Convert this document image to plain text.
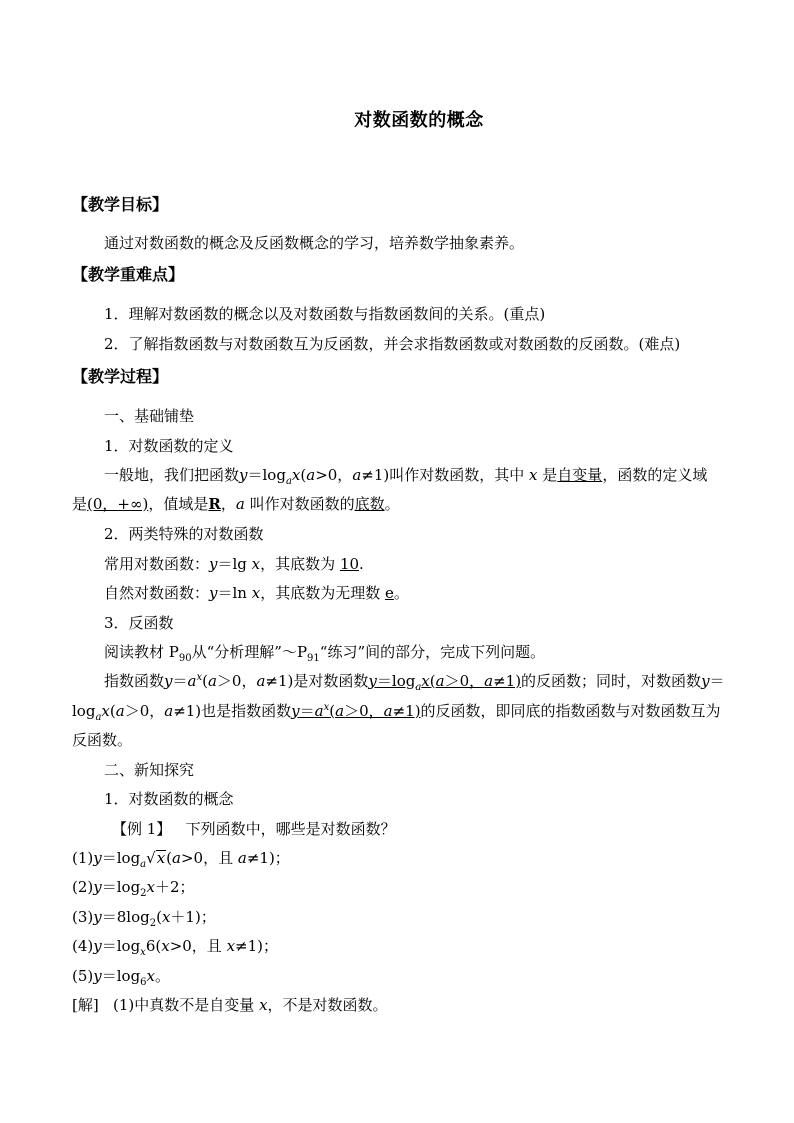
对数函数的概念
【教学目标】
通过对数函数的概念及反函数概念的学习，培养数学抽象素养。
【教学重难点】
1．理解对数函数的概念以及对数函数与指数函数间的关系。(重点)
2．了解指数函数与对数函数互为反函数，并会求指数函数或对数函数的反函数。(难点)
【教学过程】
一、基础铺垫
1．对数函数的定义
一般地，我们把函数$y=\log_ax(a>0$，a≠1)叫作对数函数，其中 x 是自变量，函数的定义域
是(0，+∞)，值域是R，a 叫作对数函数的底数。
2．两类特殊的对数函数
常用对数函数：y＝lg x，其底数为 10.
自然对数函数：y＝ln x，其底数为无理数 e。
3．反函数
阅读教材 $P_{90}$从“分析理解$”\sim P_{91}“$练习”间的部分，完成下列问题。
指数函数$y=a^x(a>0$，a≠1)是对数函数$y=\log_ax(a>0$，a≠1)的反函数；同时，对数函数y＝
$\log_ax(a>0$，a≠1)也是指数函数$y=a^x(a>0$，a≠1)的反函数，即同底的指数函数与对数函数互为
反函数。
二、新知探究
1．对数函数的概念
【例 1】 下列函数中，哪些是对数函数？
$(1)y=\log_a√x(a>0$，且 a≠1)；
$(2)y=\log_2x+2$；
$(3)y=8\log_2(x+1)$；
$(4)y=\log_x6(x>0$，且 x≠1)；
$(5)y=\log_6x$。
[解] (1)中真数不是自变量 x，不是对数函数。
